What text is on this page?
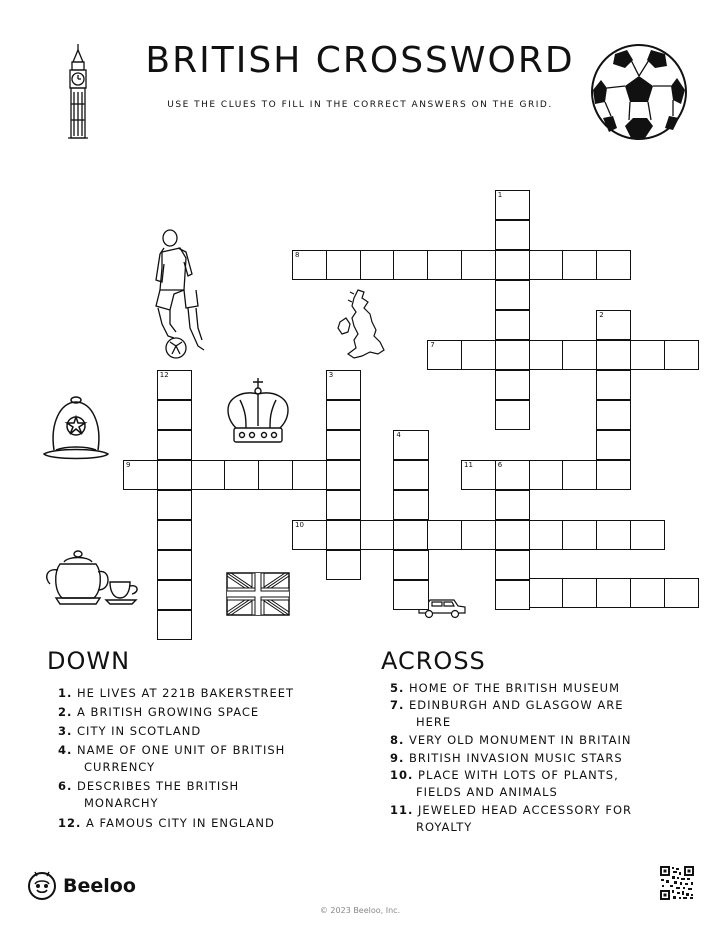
BRITISH CROSSWORD
USE THE CLUES TO FILL IN THE CORRECT ANSWERS ON THE GRID.
8
7
9	11	6
10
1
2
3
4
12
DOWN
1. HE LIVES AT 221B BAKERSTREET
2. A BRITISH GROWING SPACE
3. CITY IN SCOTLAND
4. NAME OF ONE UNIT OF BRITISH
CURRENCY
6. DESCRIBES THE BRITISH
MONARCHY
12. A FAMOUS CITY IN ENGLAND
ACROSS
5. HOME OF THE BRITISH MUSEUM
7. EDINBURGH AND GLASGOW ARE
HERE
8. VERY OLD MONUMENT IN BRITAIN
9. BRITISH INVASION MUSIC STARS
10. PLACE WITH LOTS OF PLANTS,
FIELDS AND ANIMALS
11. JEWELED HEAD ACCESSORY FOR
ROYALTY
Beeloo
© 2023 Beeloo, Inc.
